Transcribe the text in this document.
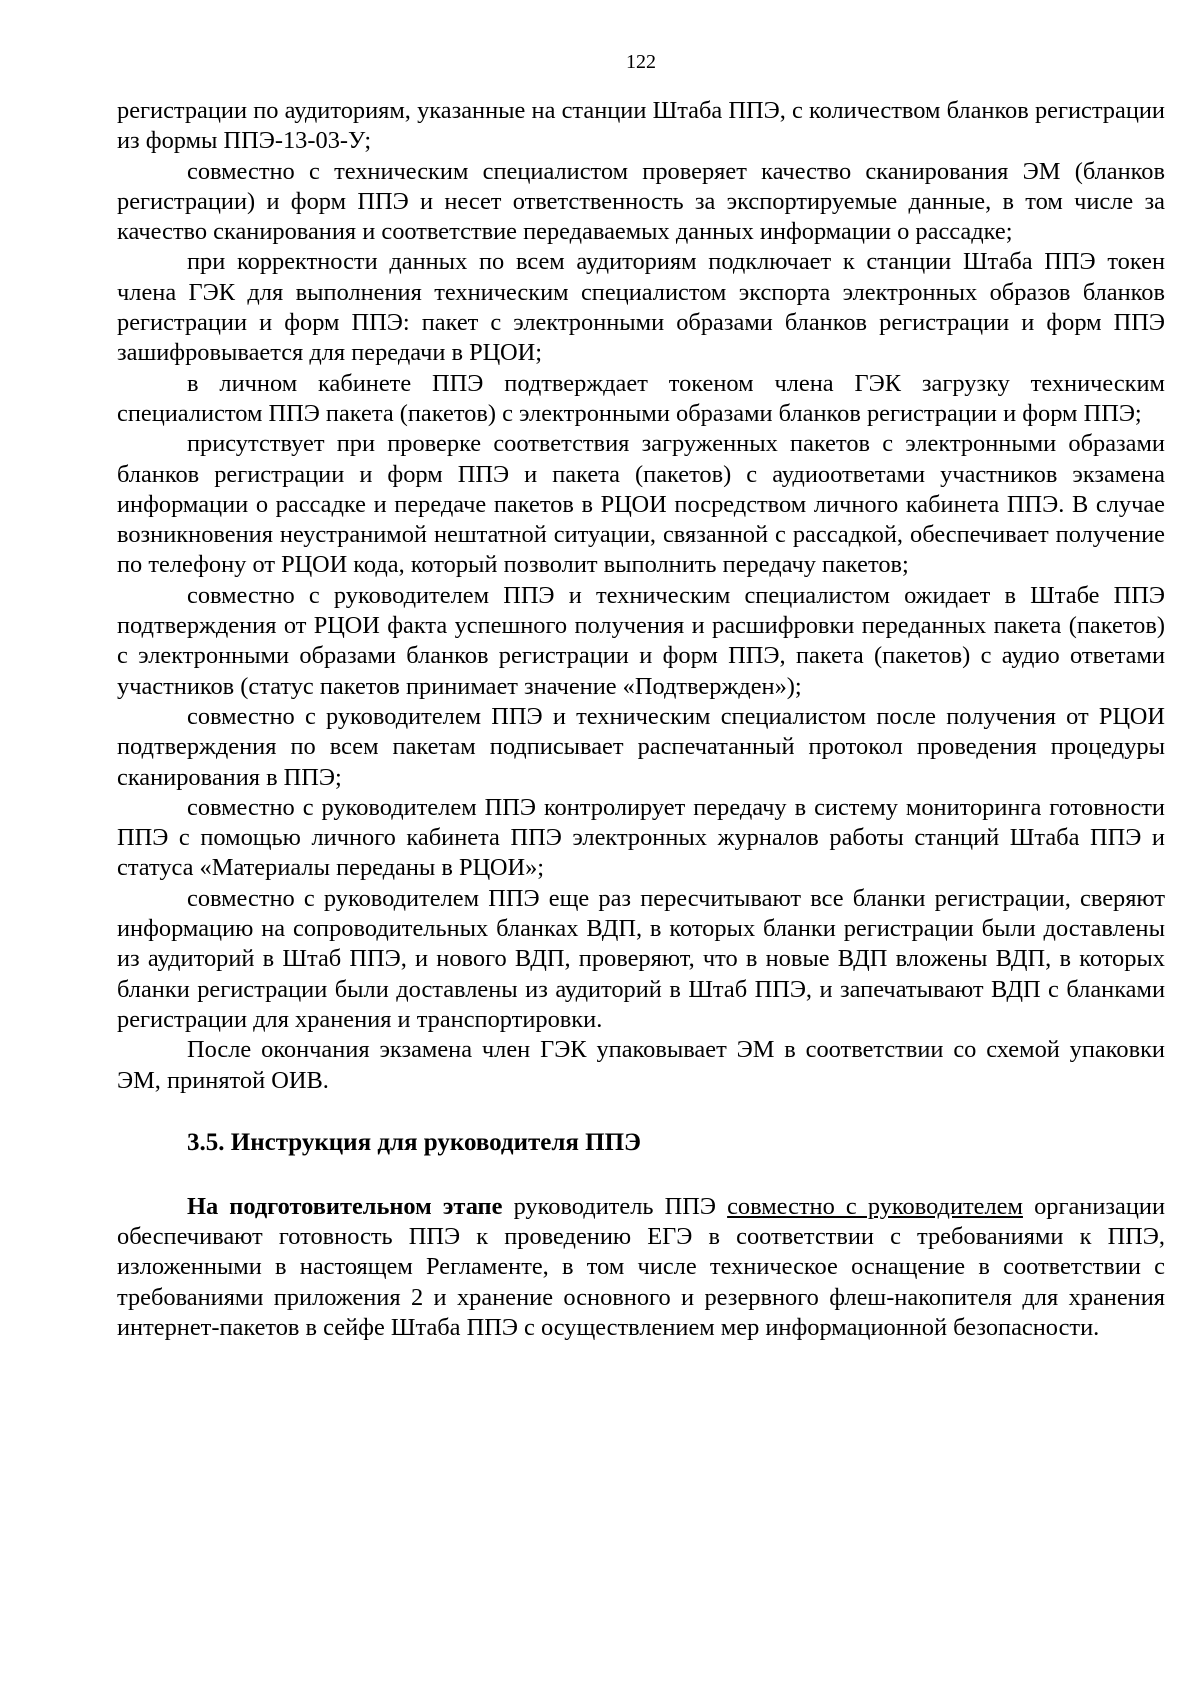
122

регистрации по аудиториям, указанные на станции Штаба ППЭ, с количеством бланков регистрации из формы ППЭ-13-03-У;

совместно с техническим специалистом проверяет качество сканирования ЭМ (бланков регистрации) и форм ППЭ и несет ответственность за экспортируемые данные, в том числе за качество сканирования и соответствие передаваемых данных информации о рассадке;

при корректности данных по всем аудиториям подключает к станции Штаба ППЭ токен члена ГЭК для выполнения техническим специалистом экспорта электронных образов бланков регистрации и форм ППЭ: пакет с электронными образами бланков регистрации и форм ППЭ зашифровывается для передачи в РЦОИ;

в личном кабинете ППЭ подтверждает токеном члена ГЭК загрузку техническим специалистом ППЭ пакета (пакетов) с электронными образами бланков регистрации и форм ППЭ;

присутствует при проверке соответствия загруженных пакетов с электронными образами бланков регистрации и форм ППЭ и пакета (пакетов) с аудиоответами участников экзамена информации о рассадке и передаче пакетов в РЦОИ посредством личного кабинета ППЭ. В случае возникновения неустранимой нештатной ситуации, связанной с рассадкой, обеспечивает получение по телефону от РЦОИ кода, который позволит выполнить передачу пакетов;

совместно с руководителем ППЭ и техническим специалистом ожидает в Штабе ППЭ подтверждения от РЦОИ факта успешного получения и расшифровки переданных пакета (пакетов) с электронными образами бланков регистрации и форм ППЭ, пакета (пакетов) с аудио ответами участников (статус пакетов принимает значение «Подтвержден»);

совместно с руководителем ППЭ и техническим специалистом после получения от РЦОИ подтверждения по всем пакетам подписывает распечатанный протокол проведения процедуры сканирования в ППЭ;

совместно с руководителем ППЭ контролирует передачу в систему мониторинга готовности ППЭ с помощью личного кабинета ППЭ электронных журналов работы станций Штаба ППЭ и статуса «Материалы переданы в РЦОИ»;

совместно с руководителем ППЭ еще раз пересчитывают все бланки регистрации, сверяют информацию на сопроводительных бланках ВДП, в которых бланки регистрации были доставлены из аудиторий в Штаб ППЭ, и нового ВДП, проверяют, что в новые ВДП вложены ВДП, в которых бланки регистрации были доставлены из аудиторий в Штаб ППЭ, и запечатывают ВДП с бланками регистрации для хранения и транспортировки.

После окончания экзамена член ГЭК упаковывает ЭМ в соответствии со схемой упаковки ЭМ, принятой ОИВ.

3.5. Инструкция для руководителя ППЭ

На подготовительном этапе руководитель ППЭ совместно с руководителем организации обеспечивают готовность ППЭ к проведению ЕГЭ в соответствии с требованиями к ППЭ, изложенными в настоящем Регламенте, в том числе техническое оснащение в соответствии с требованиями приложения 2 и хранение основного и резервного флеш-накопителя для хранения интернет-пакетов в сейфе Штаба ППЭ с осуществлением мер информационной безопасности.
